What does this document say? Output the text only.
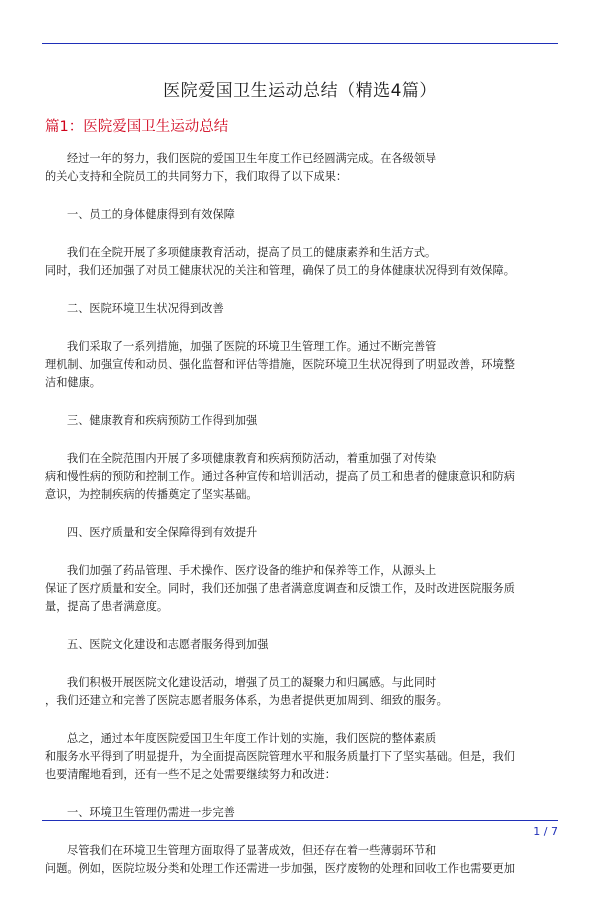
医院爱国卫生运动总结（精选4篇）
篇1：医院爱国卫生运动总结
经过一年的努力，我们医院的爱国卫生年度工作已经圆满完成。在各级领导
的关心支持和全院员工的共同努力下，我们取得了以下成果：
一、员工的身体健康得到有效保障
我们在全院开展了多项健康教育活动，提高了员工的健康素养和生活方式。
同时，我们还加强了对员工健康状况的关注和管理，确保了员工的身体健康状况得到有效保障。
二、医院环境卫生状况得到改善
我们采取了一系列措施，加强了医院的环境卫生管理工作。通过不断完善管
理机制、加强宣传和动员、强化监督和评估等措施，医院环境卫生状况得到了明显改善，环境整
洁和健康。
三、健康教育和疾病预防工作得到加强
我们在全院范围内开展了多项健康教育和疾病预防活动，着重加强了对传染
病和慢性病的预防和控制工作。通过各种宣传和培训活动，提高了员工和患者的健康意识和防病
意识，为控制疾病的传播奠定了坚实基础。
四、医疗质量和安全保障得到有效提升
我们加强了药品管理、手术操作、医疗设备的维护和保养等工作，从源头上
保证了医疗质量和安全。同时，我们还加强了患者满意度调查和反馈工作，及时改进医院服务质
量，提高了患者满意度。
五、医院文化建设和志愿者服务得到加强
我们积极开展医院文化建设活动，增强了员工的凝聚力和归属感。与此同时
，我们还建立和完善了医院志愿者服务体系，为患者提供更加周到、细致的服务。
总之，通过本年度医院爱国卫生年度工作计划的实施，我们医院的整体素质
和服务水平得到了明显提升，为全面提高医院管理水平和服务质量打下了坚实基础。但是，我们
也要清醒地看到，还有一些不足之处需要继续努力和改进：
一、环境卫生管理仍需进一步完善
尽管我们在环境卫生管理方面取得了显著成效，但还存在着一些薄弱环节和
问题。例如，医院垃圾分类和处理工作还需进一步加强，医疗废物的处理和回收工作也需要更加
1 / 7
